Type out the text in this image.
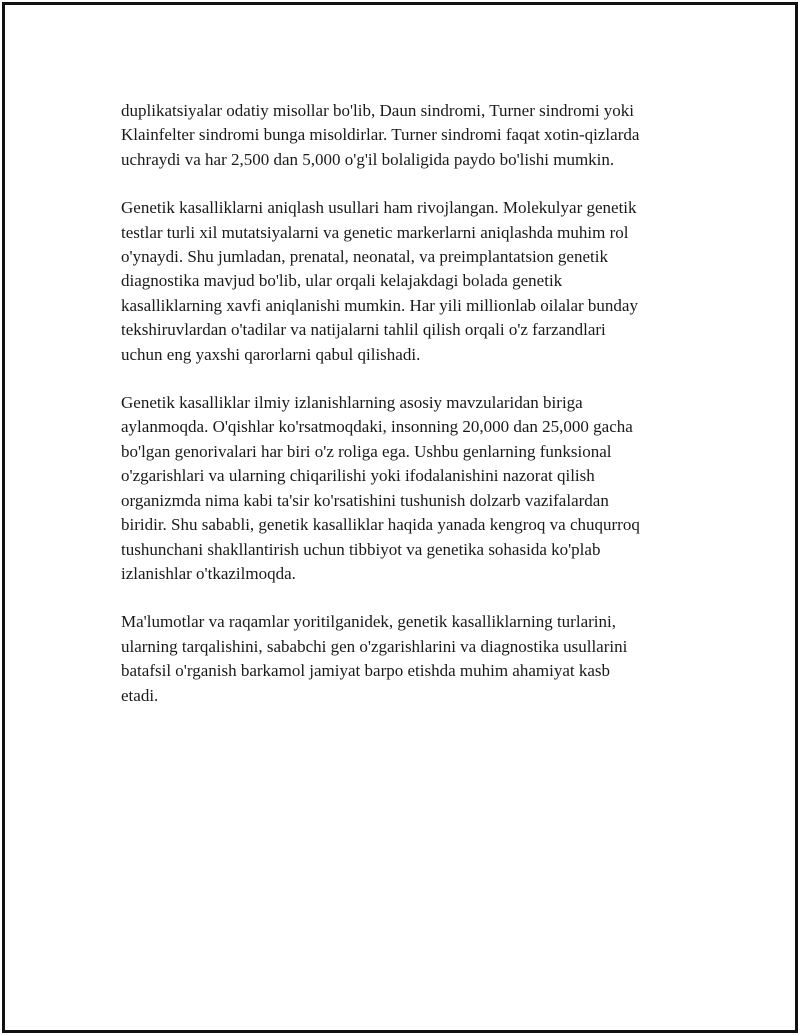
duplikatsiyalar odatiy misollar bo'lib, Daun sindromi, Turner sindromi yoki
Klainfelter sindromi bunga misoldirlar. Turner sindromi faqat xotin-qizlarda
uchraydi va har 2,500 dan 5,000 o'g'il bolaligida paydo bo'lishi mumkin.

Genetik kasalliklarni aniqlash usullari ham rivojlangan. Molekulyar genetik
testlar turli xil mutatsiyalarni va genetic markerlarni aniqlashda muhim rol
o'ynaydi. Shu jumladan, prenatal, neonatal, va preimplantatsion genetik
diagnostika mavjud bo'lib, ular orqali kelajakdagi bolada genetik
kasalliklarning xavfi aniqlanishi mumkin. Har yili millionlab oilalar bunday
tekshiruvlardan o'tadilar va natijalarni tahlil qilish orqali o'z farzandlari
uchun eng yaxshi qarorlarni qabul qilishadi.

Genetik kasalliklar ilmiy izlanishlarning asosiy mavzularidan biriga
aylanmoqda. O'qishlar ko'rsatmoqdaki, insonning 20,000 dan 25,000 gacha
bo'lgan genorivalari har biri o'z roliga ega. Ushbu genlarning funksional
o'zgarishlari va ularning chiqarilishi yoki ifodalanishini nazorat qilish
organizmda nima kabi ta'sir ko'rsatishini tushunish dolzarb vazifalardan
biridir. Shu sababli, genetik kasalliklar haqida yanada kengroq va chuqurroq
tushunchani shakllantirish uchun tibbiyot va genetika sohasida ko'plab
izlanishlar o'tkazilmoqda.

Ma'lumotlar va raqamlar yoritilganidek, genetik kasalliklarning turlarini,
ularning tarqalishini, sababchi gen o'zgarishlarini va diagnostika usullarini
batafsil o'rganish barkamol jamiyat barpo etishda muhim ahamiyat kasb
etadi.
